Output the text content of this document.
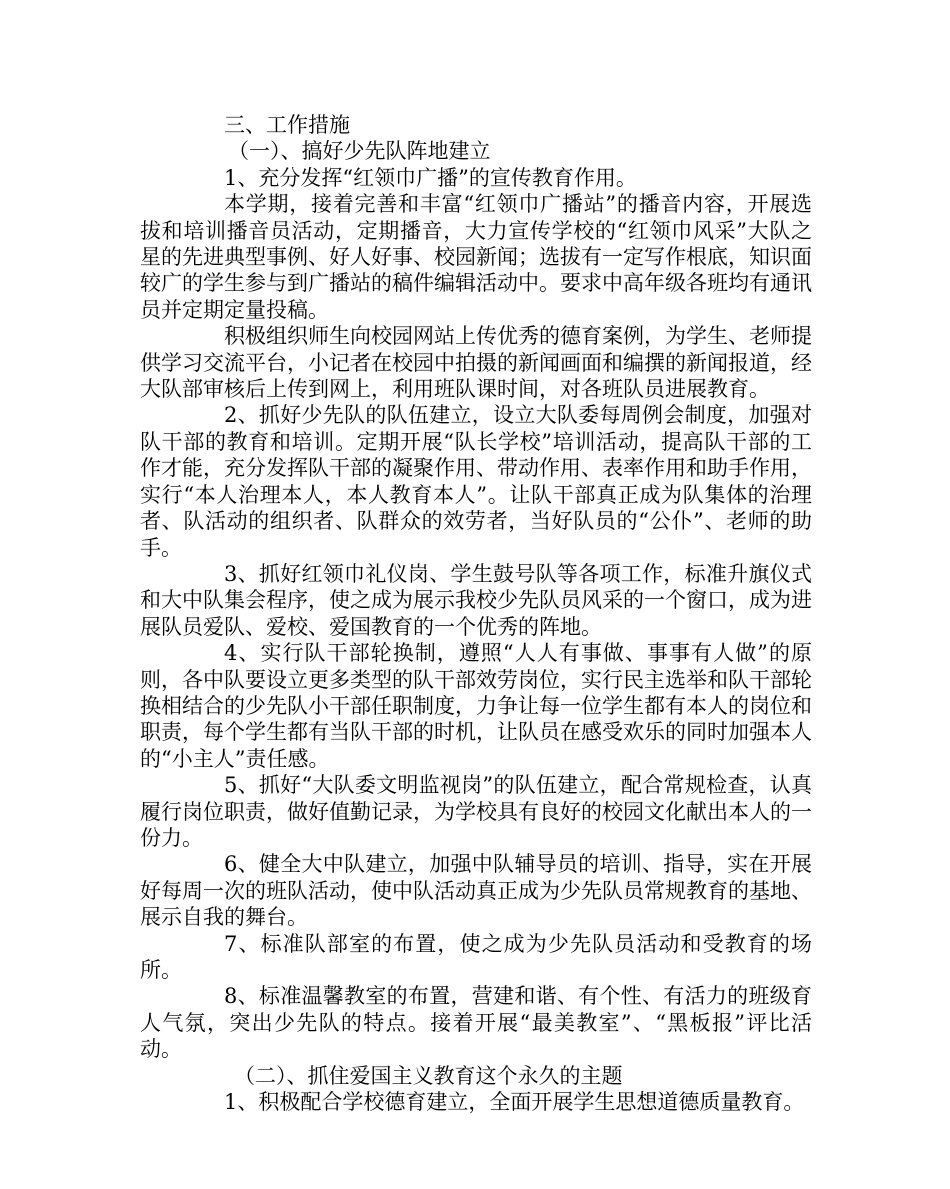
三、工作措施

（一）、搞好少先队阵地建立

1、充分发挥“红领巾广播”的宣传教育作用。

本学期，接着完善和丰富“红领巾广播站”的播音内容，开展选拔和培训播音员活动，定期播音，大力宣传学校的“红领巾风采”大队之星的先进典型事例、好人好事、校园新闻；选拔有一定写作根底，知识面较广的学生参与到广播站的稿件编辑活动中。要求中高年级各班均有通讯员并定期定量投稿。

积极组织师生向校园网站上传优秀的德育案例，为学生、老师提供学习交流平台，小记者在校园中拍摄的新闻画面和编撰的新闻报道，经大队部审核后上传到网上，利用班队课时间，对各班队员进展教育。

2、抓好少先队的队伍建立，设立大队委每周例会制度，加强对队干部的教育和培训。定期开展“队长学校”培训活动，提高队干部的工作才能，充分发挥队干部的凝聚作用、带动作用、表率作用和助手作用，实行“本人治理本人，本人教育本人”。让队干部真正成为队集体的治理者、队活动的组织者、队群众的效劳者，当好队员的“公仆”、老师的助手。

3、抓好红领巾礼仪岗、学生鼓号队等各项工作，标准升旗仪式和大中队集会程序，使之成为展示我校少先队员风采的一个窗口，成为进展队员爱队、爱校、爱国教育的一个优秀的阵地。

4、实行队干部轮换制，遵照“人人有事做、事事有人做”的原则，各中队要设立更多类型的队干部效劳岗位，实行民主选举和队干部轮换相结合的少先队小干部任职制度，力争让每一位学生都有本人的岗位和职责，每个学生都有当队干部的时机，让队员在感受欢乐的同时加强本人的“小主人”责任感。

5、抓好“大队委文明监视岗”的队伍建立，配合常规检查，认真履行岗位职责，做好值勤记录，为学校具有良好的校园文化献出本人的一份力。

6、健全大中队建立，加强中队辅导员的培训、指导，实在开展好每周一次的班队活动，使中队活动真正成为少先队员常规教育的基地、展示自我的舞台。

7、标准队部室的布置，使之成为少先队员活动和受教育的场所。

8、标准温馨教室的布置，营建和谐、有个性、有活力的班级育人气氛，突出少先队的特点。接着开展“最美教室”、“黑板报”评比活动。

（二）、抓住爱国主义教育这个永久的主题

1、积极配合学校德育建立，全面开展学生思想道德质量教育。
